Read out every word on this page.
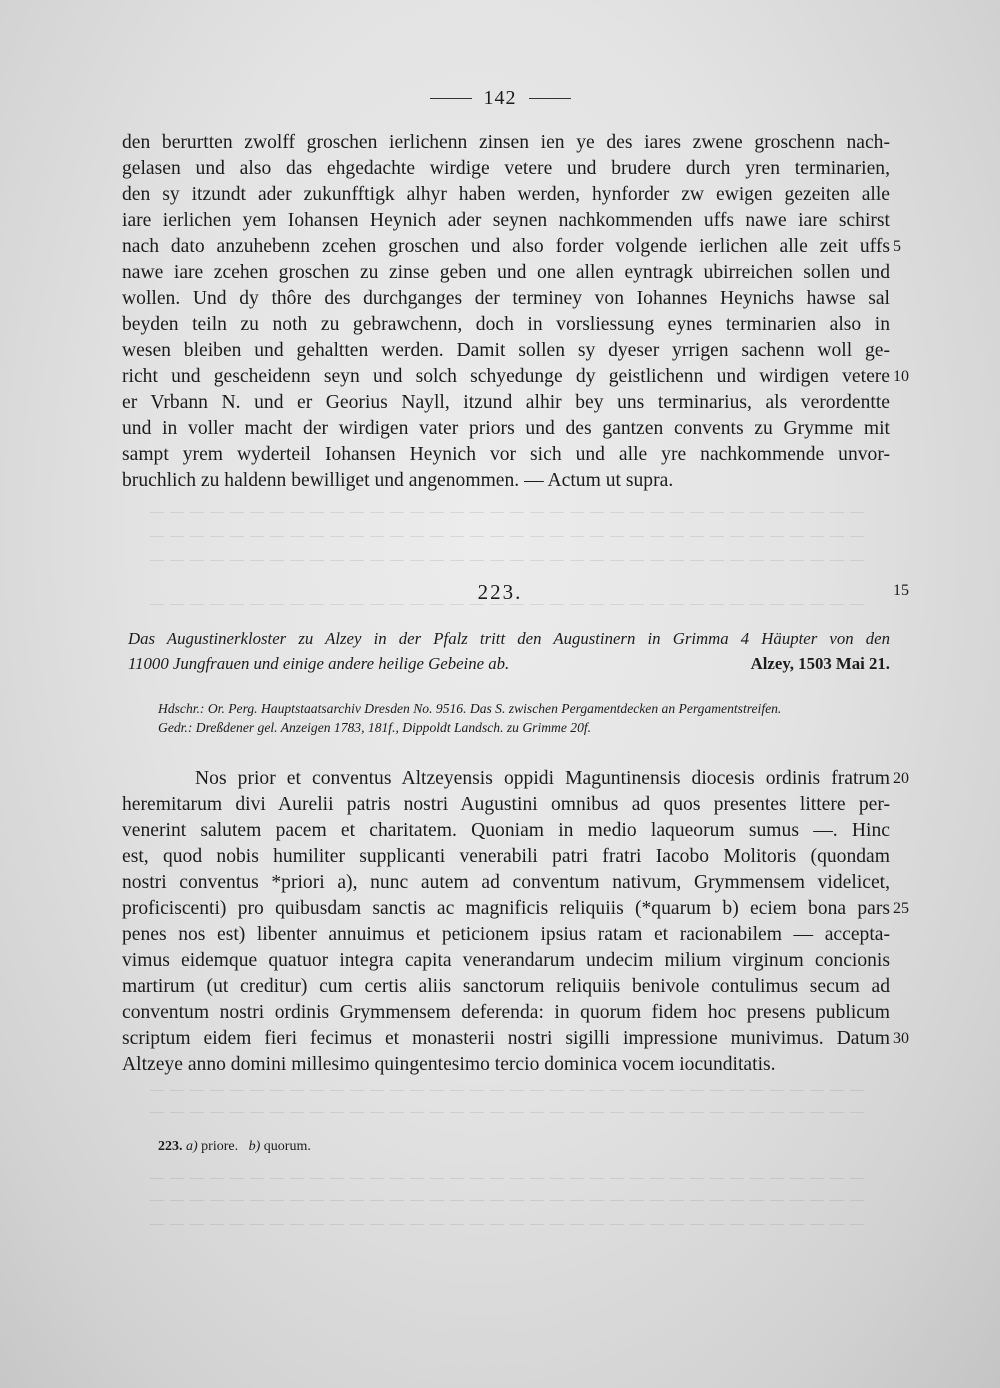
142
den berurtten zwolff groschen ierlichenn zinsen ien ye des iares zwene groschenn nach-
gelasen und also das ehgedachte wirdige vetere und brudere durch yren terminarien,
den sy itzundt ader zukunfftigk alhyr haben werden, hynforder zw ewigen gezeiten alle
iare ierlichen yem Iohansen Heynich ader seynen nachkommenden uffs nawe iare schirst
nach dato anzuhebenn zcehen groschen und also forder volgende ierlichen alle zeit uffs
nawe iare zcehen groschen zu zinse geben und one allen eyntragk ubirreichen sollen und
wollen. Und dy thôre des durchganges der terminey von Iohannes Heynichs hawse sal
beyden teiln zu noth zu gebrawchenn, doch in vorsliessung eynes terminarien also in
wesen bleiben und gehaltten werden. Damit sollen sy dyeser yrrigen sachenn woll ge-
richt und gescheidenn seyn und solch schyedunge dy geistlichenn und wirdigen vetere
er Vrbann N. und er Georius Nayll, itzund alhir bey uns terminarius, als verordentte
und in voller macht der wirdigen vater priors und des gantzen convents zu Grymme mit
sampt yrem wyderteil Iohansen Heynich vor sich und alle yre nachkommende unvor-
bruchlich zu haldenn bewilliget und angenommen. — Actum ut supra.
5
10
223.	15
Das Augustinerkloster zu Alzey in der Pfalz tritt den Augustinern in Grimma 4 Häupter von den
11000 Jungfrauen und einige andere heilige Gebeine ab.	Alzey, 1503 Mai 21.
Hdschr.: Or. Perg. Hauptstaatsarchiv Dresden No. 9516. Das S. zwischen Pergamentdecken an Pergamentstreifen.
Gedr.: Dreßdener gel. Anzeigen 1783, 181f., Dippoldt Landsch. zu Grimme 20f.
Nos prior et conventus Altzeyensis oppidi Maguntinensis diocesis ordinis fratrum
heremitarum divi Aurelii patris nostri Augustini omnibus ad quos presentes littere per-
venerint salutem pacem et charitatem. Quoniam in medio laqueorum sumus —. Hinc
est, quod nobis humiliter supplicanti venerabili patri fratri Iacobo Molitoris (quondam
nostri conventus *priori a), nunc autem ad conventum nativum, Grymmensem videlicet,
proficiscenti) pro quibusdam sanctis ac magnificis reliquiis (*quarum b) eciem bona pars
penes nos est) libenter annuimus et peticionem ipsius ratam et racionabilem — accepta-
vimus eidemque quatuor integra capita venerandarum undecim milium virginum concionis
martirum (ut creditur) cum certis aliis sanctorum reliquiis benivole contulimus secum ad
conventum nostri ordinis Grymmensem deferenda: in quorum fidem hoc presens publicum
scriptum eidem fieri fecimus et monasterii nostri sigilli impressione munivimus. Datum
Altzeye anno domini millesimo quingentesimo tercio dominica vocem iocunditatis.
20
25
30
223. a) priore. b) quorum.
